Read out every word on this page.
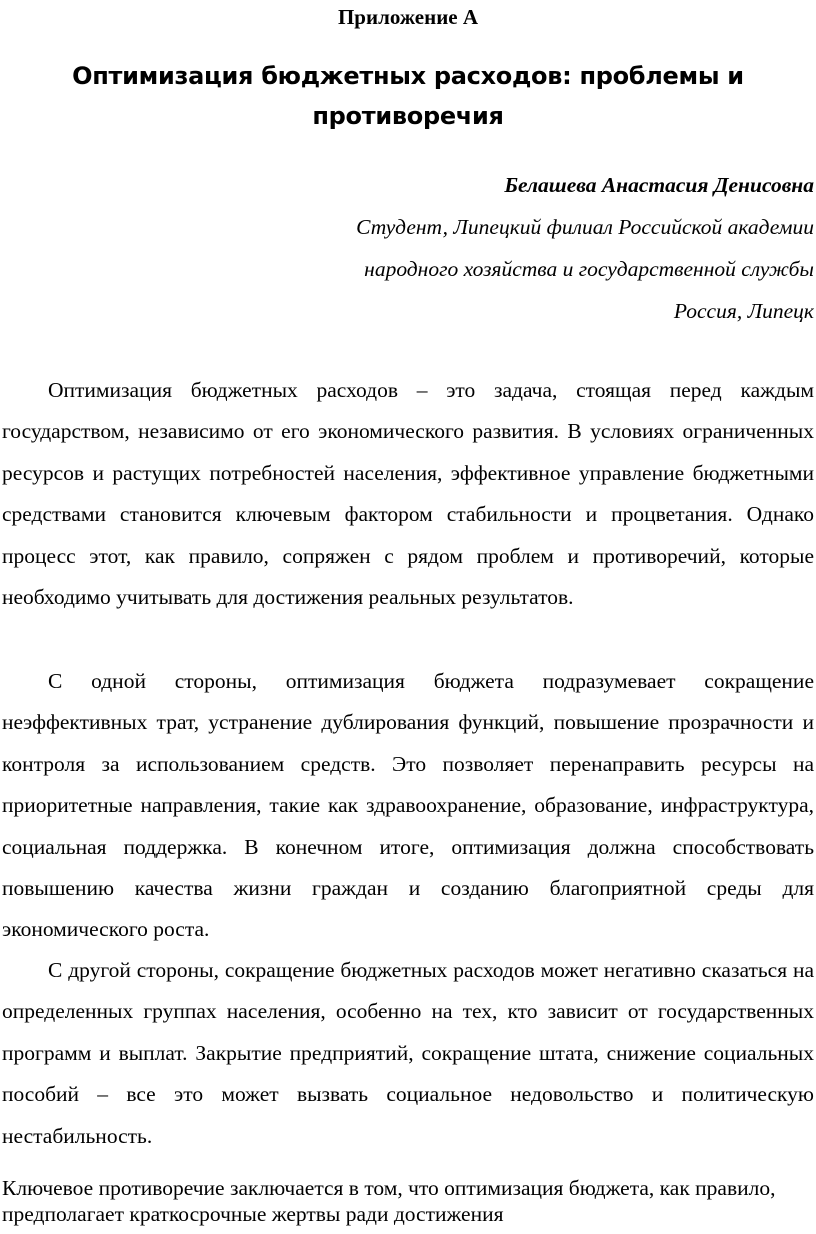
Приложение А
Оптимизация бюджетных расходов: проблемы и противоречия
Белашева Анастасия Денисовна
Студент, Липецкий филиал Российской академии
народного хозяйства и государственной службы
Россия, Липецк

Оптимизация бюджетных расходов – это задача, стоящая перед каждым государством, независимо от его экономического развития. В условиях ограниченных ресурсов и растущих потребностей населения, эффективное управление бюджетными средствами становится ключевым фактором стабильности и процветания. Однако процесс этот, как правило, сопряжен с рядом проблем и противоречий, которые необходимо учитывать для достижения реальных результатов.

С одной стороны, оптимизация бюджета подразумевает сокращение неэффективных трат, устранение дублирования функций, повышение прозрачности и контроля за использованием средств. Это позволяет перенаправить ресурсы на приоритетные направления, такие как здравоохранение, образование, инфраструктура, социальная поддержка. В конечном итоге, оптимизация должна способствовать повышению качества жизни граждан и созданию благоприятной среды для экономического роста.

С другой стороны, сокращение бюджетных расходов может негативно сказаться на определенных группах населения, особенно на тех, кто зависит от государственных программ и выплат. Закрытие предприятий, сокращение штата, снижение социальных пособий – все это может вызвать социальное недовольство и политическую нестабильность.

Ключевое противоречие заключается в том, что оптимизация бюджета, как правило, предполагает краткосрочные жертвы ради достижения
